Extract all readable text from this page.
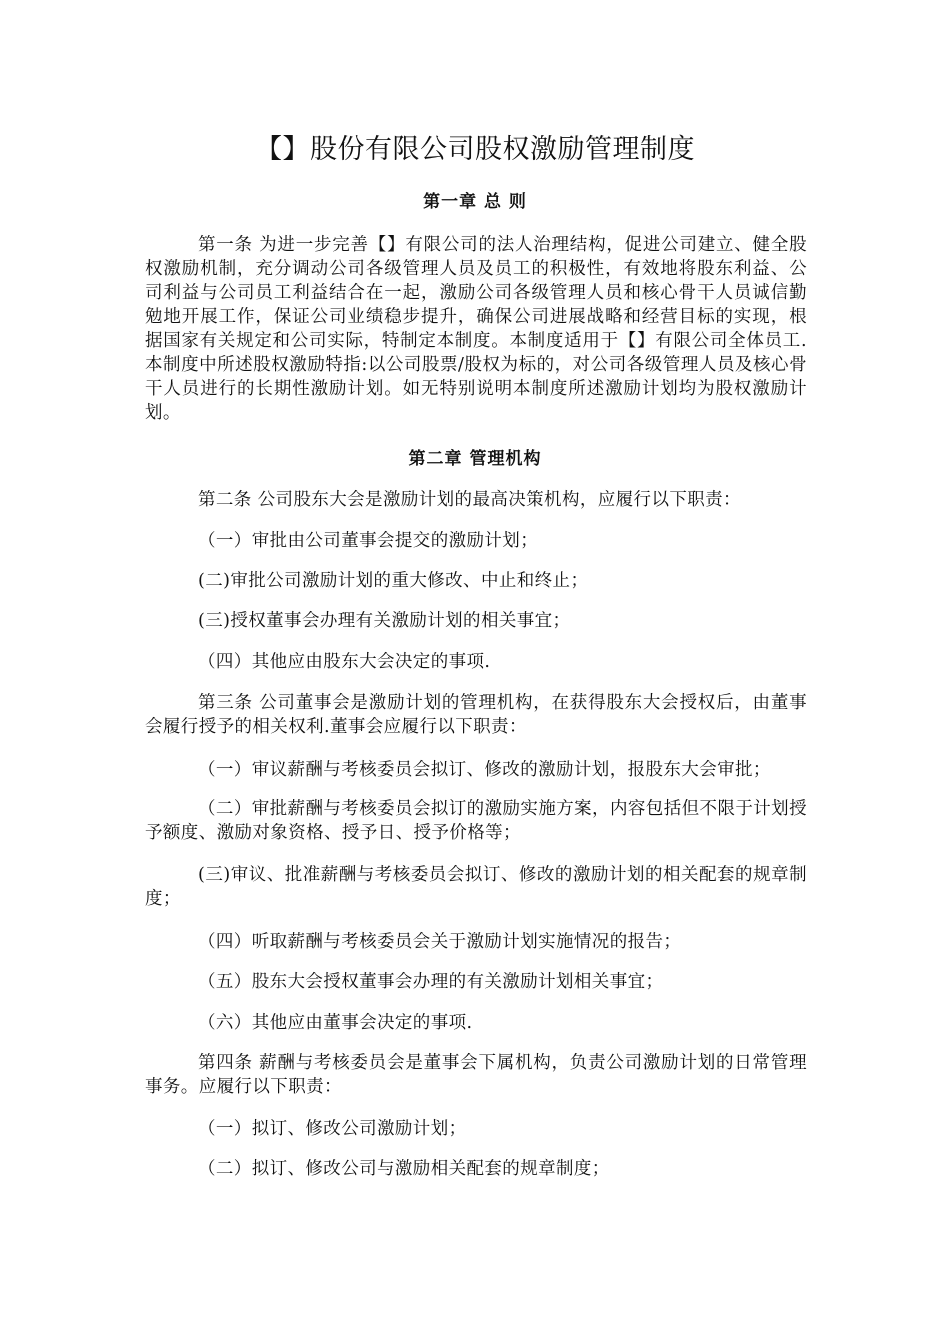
【】股份有限公司股权激励管理制度
第一章 总 则

第一条 为进一步完善【】有限公司的法人治理结构，促进公司建立、健全股权激励机制，充分调动公司各级管理人员及员工的积极性，有效地将股东利益、公司利益与公司员工利益结合在一起，激励公司各级管理人员和核心骨干人员诚信勤勉地开展工作，保证公司业绩稳步提升，确保公司进展战略和经营目标的实现，根据国家有关规定和公司实际，特制定本制度。本制度适用于【】有限公司全体员工. 本制度中所述股权激励特指:以公司股票/股权为标的，对公司各级管理人员及核心骨干人员进行的长期性激励计划。如无特别说明本制度所述激励计划均为股权激励计划。

第二章 管理机构

第二条 公司股东大会是激励计划的最高决策机构，应履行以下职责：

（一）审批由公司董事会提交的激励计划；

(二)审批公司激励计划的重大修改、中止和终止；

(三)授权董事会办理有关激励计划的相关事宜；

（四）其他应由股东大会决定的事项.

第三条 公司董事会是激励计划的管理机构，在获得股东大会授权后，由董事会履行授予的相关权利.董事会应履行以下职责：

（一）审议薪酬与考核委员会拟订、修改的激励计划，报股东大会审批；

（二）审批薪酬与考核委员会拟订的激励实施方案，内容包括但不限于计划授予额度、激励对象资格、授予日、授予价格等；

(三)审议、批准薪酬与考核委员会拟订、修改的激励计划的相关配套的规章制度；

（四）听取薪酬与考核委员会关于激励计划实施情况的报告；

（五）股东大会授权董事会办理的有关激励计划相关事宜；

（六）其他应由董事会决定的事项.

第四条 薪酬与考核委员会是董事会下属机构，负责公司激励计划的日常管理事务。应履行以下职责：

（一）拟订、修改公司激励计划；

（二）拟订、修改公司与激励相关配套的规章制度；
